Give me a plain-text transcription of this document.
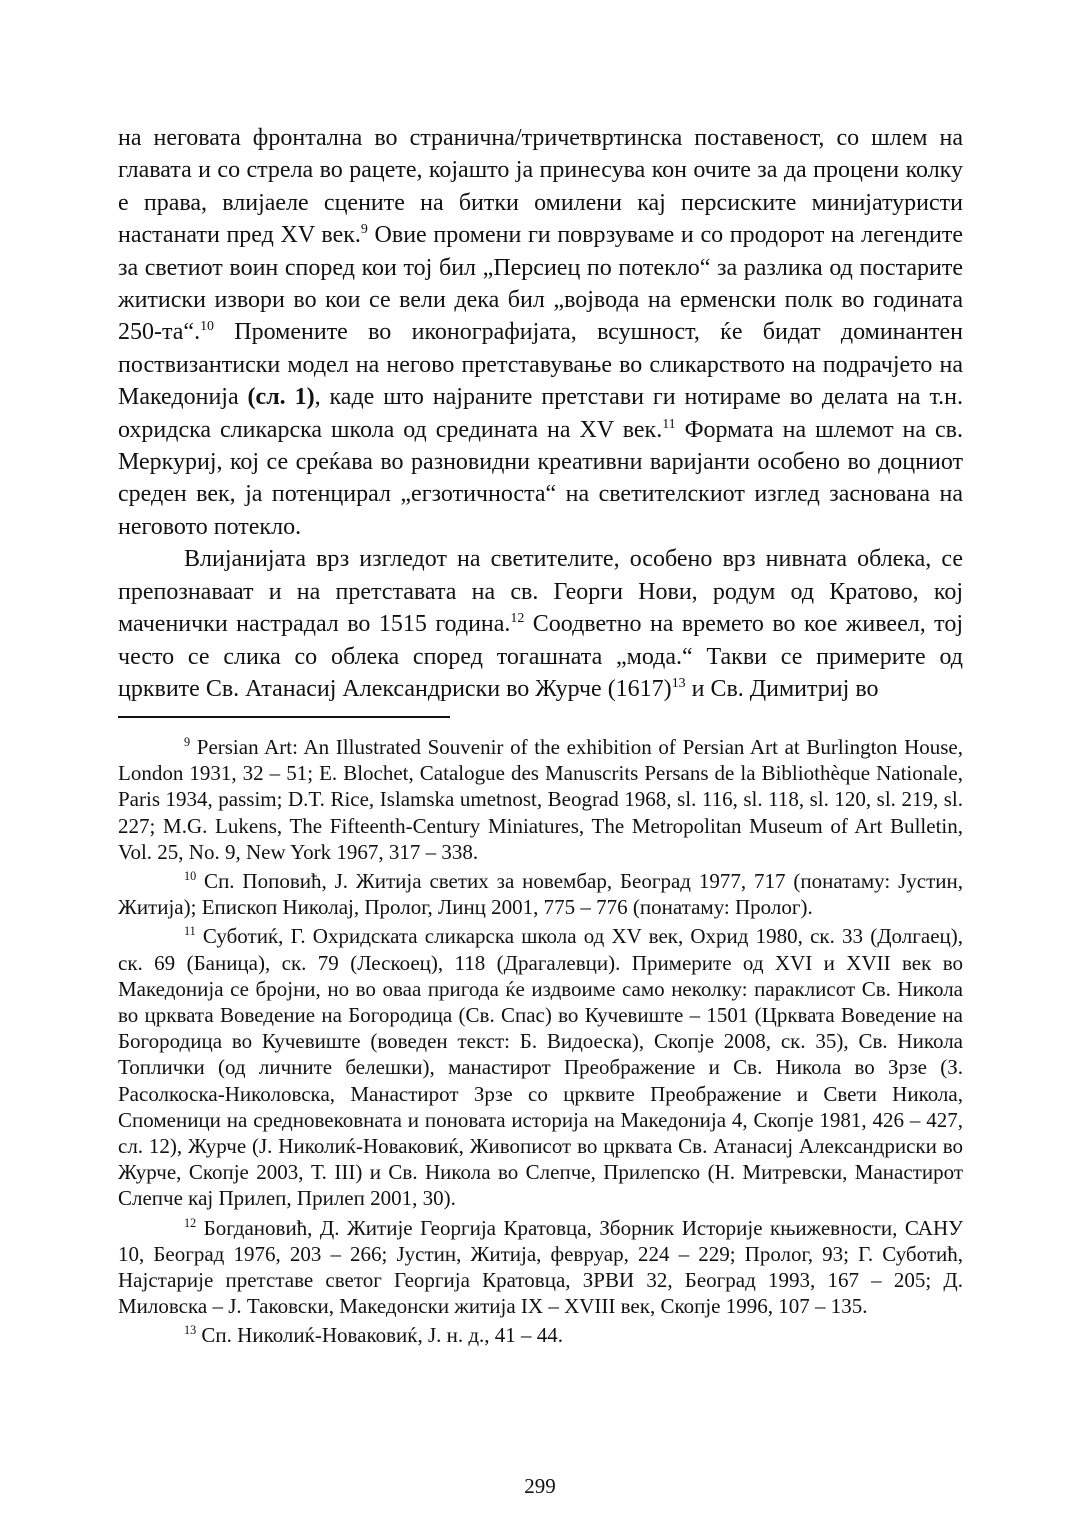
на неговата фронтална во странична/тричетвртинска поставеност, со шлем на главата и со стрела во рацете, којашто ја принесува кон очите за да процени колку е права, влијаеле сцените на битки омилени кај персиските минијатуристи настанати пред XV век.$^9$ Овие промени ги поврзуваме и со продорот на легендите за светиот воин според кои тој бил „Персиец по потекло“ за разлика од постарите житиски извори во кои се вели дека бил „војвода на ерменски полк во годината 250-та“.$^{10}$ Промените во иконографијата, всушност, ќе бидат доминантен поствизантиски модел на негово претставување во сликарството на подрачјето на Македонија (сл. 1), каде што најраните претстави ги нотираме во делата на т.н. охридска сликарска школа од средината на XV век.$^{11}$ Формата на шлемот на св. Меркуриј, кој се среќава во разновидни креативни варијанти особено во доцниот среден век, ја потенцирал „егзотичноста“ на светителскиот изглед заснована на неговото потекло.

Влијанијата врз изгледот на светителите, особено врз нивната облека, се препознаваат и на претставата на св. Георги Нови, родум од Кратово, кој маченички настрадал во 1515 година.$^{12}$ Соодветно на времето во кое живеел, тој често се слика со облека според тогашната „мода.“ Такви се примерите од црквите Св. Атанасиј Александриски во Журче $(1617)^{13}$ и Св. Димитриј во

$^9$ Persian Art: An Illustrated Souvenir of the exhibition of Persian Art at Burlington House, London 1931, 32 – 51; E. Blochet, Catalogue des Manuscrits Persans de la Bibliothèque Nationale, Paris 1934, passim; D.T. Rice, Islamska umetnost, Beograd 1968, sl. 116, sl. 118, sl. 120, sl. 219, sl. 227; M.G. Lukens, The Fifteenth-Century Miniatures, The Metropolitan Museum of Art Bulletin, Vol. 25, No. 9, New York 1967, 317 – 338.

$^{10}$ Сп. Поповић, Ј. Житија светих за новембар, Београд 1977, 717 (понатаму: Јустин, Житија); Епископ Николај, Пролог, Линц 2001, 775 – 776 (понатаму: Пролог).

$^{11}$ Суботиќ, Г. Охридската сликарска школа од XV век, Охрид 1980, ск. 33 (Долгаец), ск. 69 (Баница), ск. 79 (Лескоец), 118 (Драгалевци). Примерите од XVI и XVII век во Македонија се бројни, но во оваа пригода ќе издвоиме само неколку: параклисот Св. Никола во црквата Воведение на Богородица (Св. Спас) во Кучевиште – 1501 (Црквата Воведение на Богородица во Кучевиште (воведен текст: Б. Видоеска), Скопје 2008, ск. 35), Св. Никола Топлички (од личните белешки), манастирот Преображение и Св. Никола во Зрзе (З. Расолкоска-Николовска, Манастирот Зрзе со црквите Преображение и Свети Никола, Споменици на средновековната и поновата историја на Македонија 4, Скопје 1981, 426 – 427, сл. 12), Журче (Ј. Николиќ-Новаковиќ, Живописот во црквата Св. Атанасиј Александриски во Журче, Скопје 2003, Т. III) и Св. Никола во Слепче, Прилепско (Н. Митревски, Манастирот Слепче кај Прилеп, Прилеп 2001, 30).

$^{12}$ Богдановић, Д. Житије Георгија Кратовца, Зборник Историје књижевности, САНУ 10, Београд 1976, 203 – 266; Јустин, Житија, февруар, 224 – 229; Пролог, 93; Г. Суботић, Најстарије претставе светог Георгија Кратовца, ЗРВИ 32, Београд 1993, 167 – 205; Д. Миловска – Ј. Таковски, Македонски житија IX – XVIII век, Скопје 1996, 107 – 135.

$^{13}$ Сп. Николиќ-Новаковиќ, Ј. н. д., 41 – 44.

299
